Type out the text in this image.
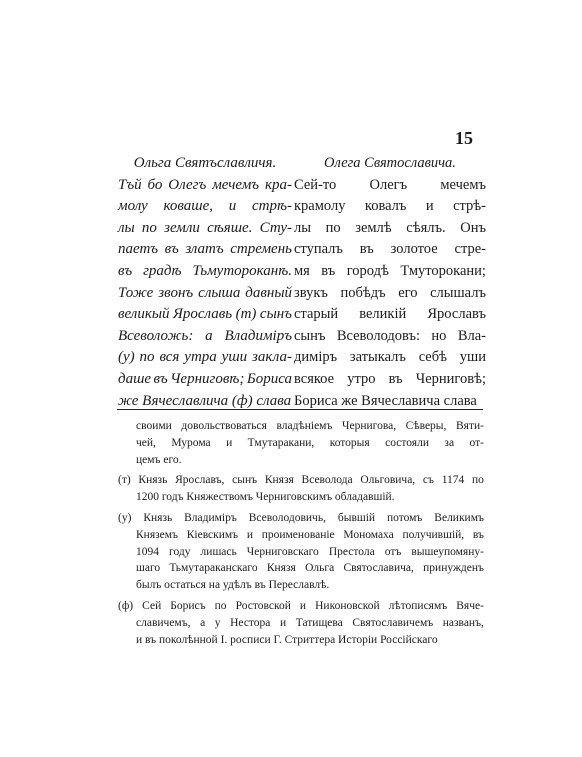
15
Ольга Святъславличя.
Тъй бо Олегъ мечемъ кра-
молу коваше, и стрѣ-
лы по земли сѣяше. Сту-
паетъ въ златъ стремень
въ градѣ Тьмутороканѣ.
Тоже звонъ слыша давный
великый Ярославь (т) сынъ
Всеволожь: а Владимiръ
(у) по вся утра уши закла-
даше въ Черниговѣ; Бориса
же Вячеславлича (ф) слава
Олега Святославича.
Сей-то Олегъ мечемъ
крамолу ковалъ и стрѣ-
лы по землѣ сѣялъ. Онъ
ступалъ въ золотое стре-
мя въ городѣ Тмуторокани;
звукъ побѣдъ его слышалъ
старый великiй Ярославъ
сынъ Всеволодовъ: но Вла-
димiръ затыкалъ себѣ уши
всякое утро въ Черниговѣ;
Бориса же Вячеславича слава
своими довольствоваться владѣнiемъ Чернигова, Сѣверы, Вяти-
чей, Мурома и Тмутаракани, которыя состояли за от-
цемъ его.
(т) Князь Ярославъ, сынъ Князя Всеволода Ольговича, съ 1174 по
1200 годъ Княжествомъ Черниговскимъ обладавшiй.
(у) Князь Владимiръ Всеволодовичь, бывшiй потомъ Великимъ
Княземъ Кiевскимъ и проименованiе Мономаха получившiй, въ
1094 году лишась Черниговскаго Престола отъ вышеупомяну-
шаго Тьмутараканскаго Князя Ольга Святославича, принужденъ
былъ остаться на удѣлъ въ Переславлѣ.
(ф) Сей Борисъ по Ростовской и Никоновской лѣтописямъ Вяче-
славичемъ, а у Нестора и Татищева Святославичемъ названъ,
и въ поколѣнной I. росписи Г. Стриттера Исторiи Россiйскаго
